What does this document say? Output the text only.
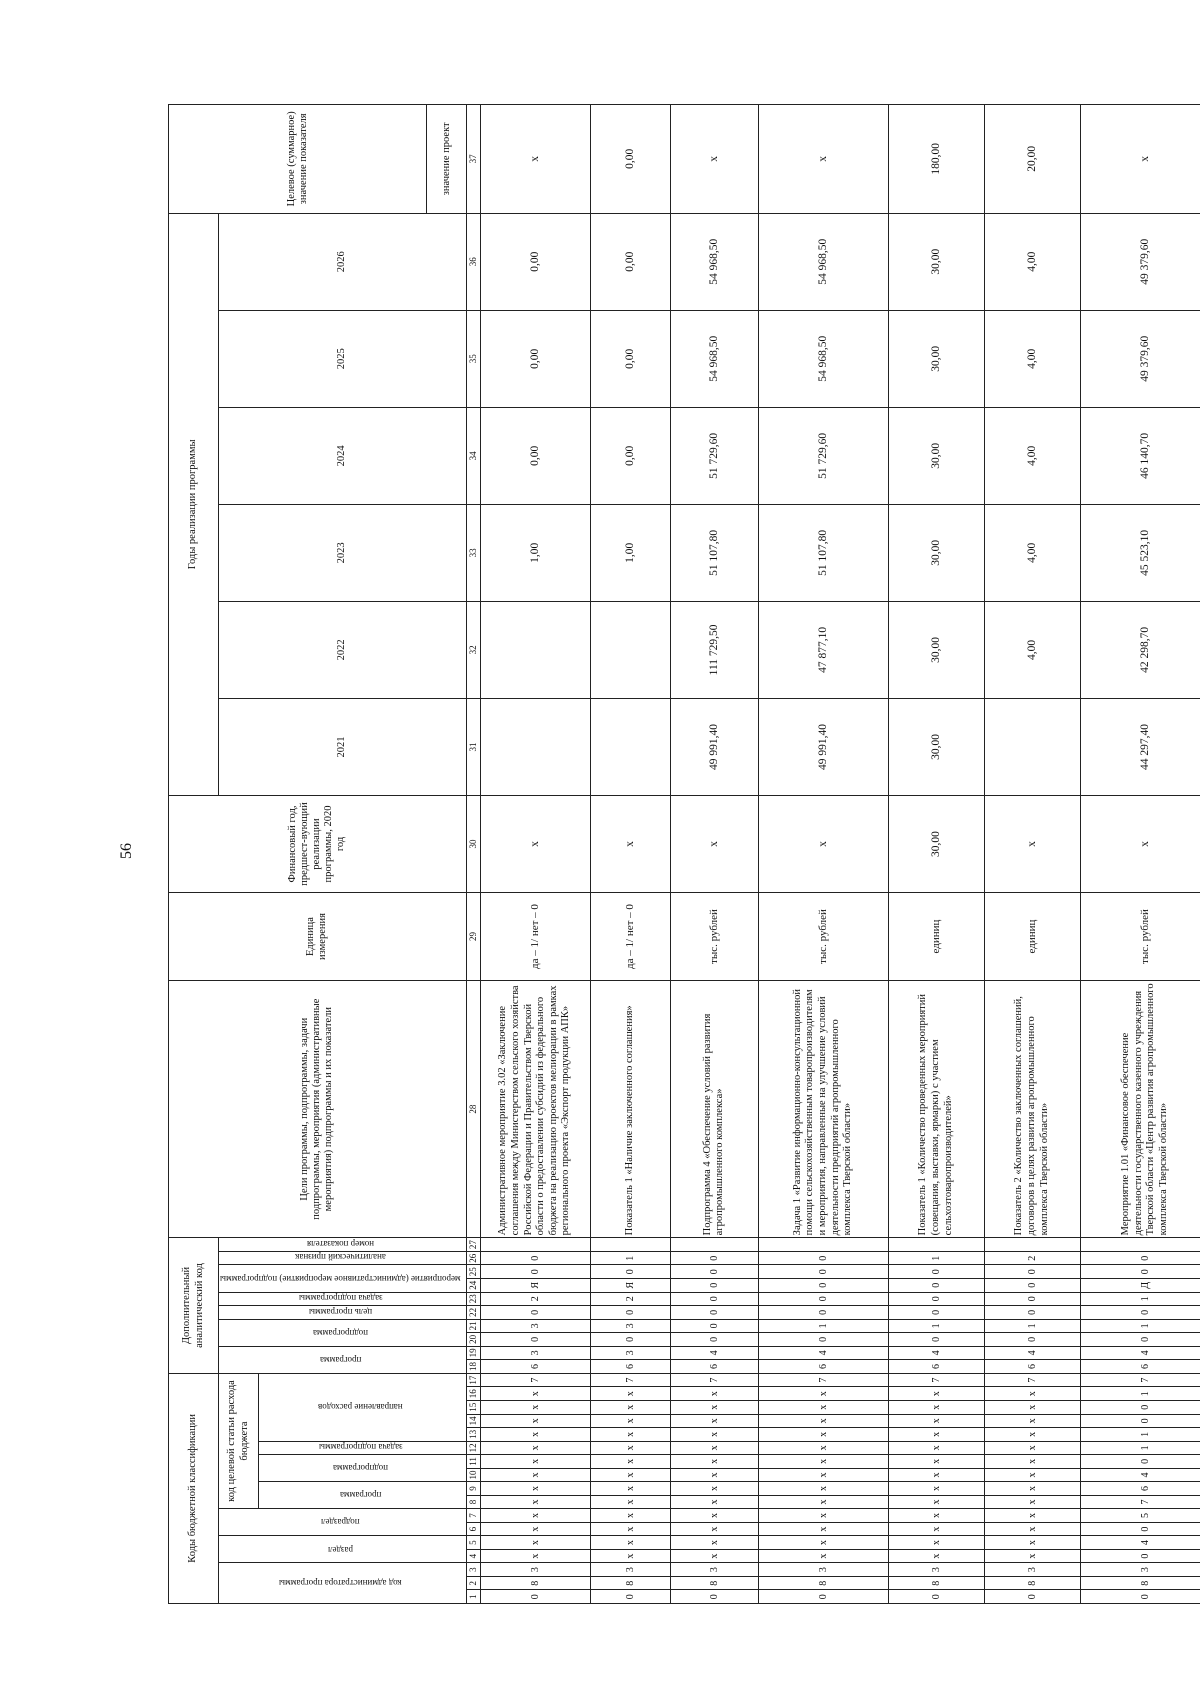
56
Коды бюджетной классификации																	Дополнительный аналитический код										Цели программы, подпрограммы, задачи подпрограммы, мероприятия (административные мероприятия) подпрограммы и их показатели	Единица измерения	Финансовый год, предшест-вующий реализации программы, 2020 год	Годы реализации программы						Целевое (суммарное) значение показателя
код администратора программы			раздел		подраздел		код целевой статьи расхода бюджета										программа		подпрограмма		цель программы	задача подпрограммы	мероприятие (административное мероприятие) подпрограммы		аналитический признак	номер показателя				2021	2022	2023	2024	2025	2026	
							программа		подпрограмма		задача подпрограммы	направление расходов																								
																																				значение проект
1	2	3	4	5	6	7	8	9	10	11	12	13	14	15	16	17	18	19	20	21	22	23	24	25	26	27	28	29	30	31	32	33	34	35	36	37
0	8	3	x	x	x	x	x	x	x	x	x	x	x	x	x	7	6	3	0	3	0	2	Я	0	0		Административное мероприятие 3.02 «Заключение соглашения между Министерством сельского хозяйства Российской Федерации и Правительством Тверской области о предоставлении субсидий из федерального бюджета на реализацию проектов мелиорации в рамках регионального проекта «Экспорт продукции АПК»	да – 1/ нет – 0	x			1,00	0,00	0,00	0,00	x
0	8	3	x	x	x	x	x	x	x	x	x	x	x	x	x	7	6	3	0	3	0	2	Я	0	1		Показатель 1 «Наличие заключенного соглашения»	да – 1/ нет – 0	x			1,00	0,00	0,00	0,00	0,00
0	8	3	x	x	x	x	x	x	x	x	x	x	x	x	x	7	6	4	0	0	0	0	0	0	0		Подпрограмма 4 «Обеспечение условий развития агропромышленного комплекса»	тыс. рублей	x	49 991,40	111 729,50	51 107,80	51 729,60	54 968,50	54 968,50	x
0	8	3	x	x	x	x	x	x	x	x	x	x	x	x	x	7	6	4	0	1	0	0	0	0	0		Задача 1 «Развитие информационно-консультационной помощи сельскохозяйственным товаропроизводителям и мероприятия, направленные на улучшение условий деятельности предприятий агропромышленного комплекса Тверской области»	тыс. рублей	x	49 991,40	47 877,10	51 107,80	51 729,60	54 968,50	54 968,50	x
0	8	3	x	x	x	x	x	x	x	x	x	x	x	x	x	7	6	4	0	1	0	0	0	0	1		Показатель 1 «Количество проведенных мероприятий (совещания, выставки, ярмарки) с участием сельхозтоваропроизводителей»	единиц	30,00	30,00	30,00	30,00	30,00	30,00	30,00	180,00
0	8	3	x	x	x	x	x	x	x	x	x	x	x	x	x	7	6	4	0	1	0	0	0	0	2		Показатель 2 «Количество заключенных соглашений, договоров в целях развития агропромышленного комплекса Тверской области»	единиц	x		4,00	4,00	4,00	4,00	4,00	20,00
0	8	3	0	4	0	5	7	6	4	0	1	1	0	0	1	7	6	4	0	1	0	1	Д	0	0		Мероприятие 1.01 «Финансовое обеспечение деятельности государственного казенного учреждения Тверской области «Центр развития агропромышленного комплекса Тверской области»	тыс. рублей	x	44 297,40	42 298,70	45 523,10	46 140,70	49 379,60	49 379,60	x
